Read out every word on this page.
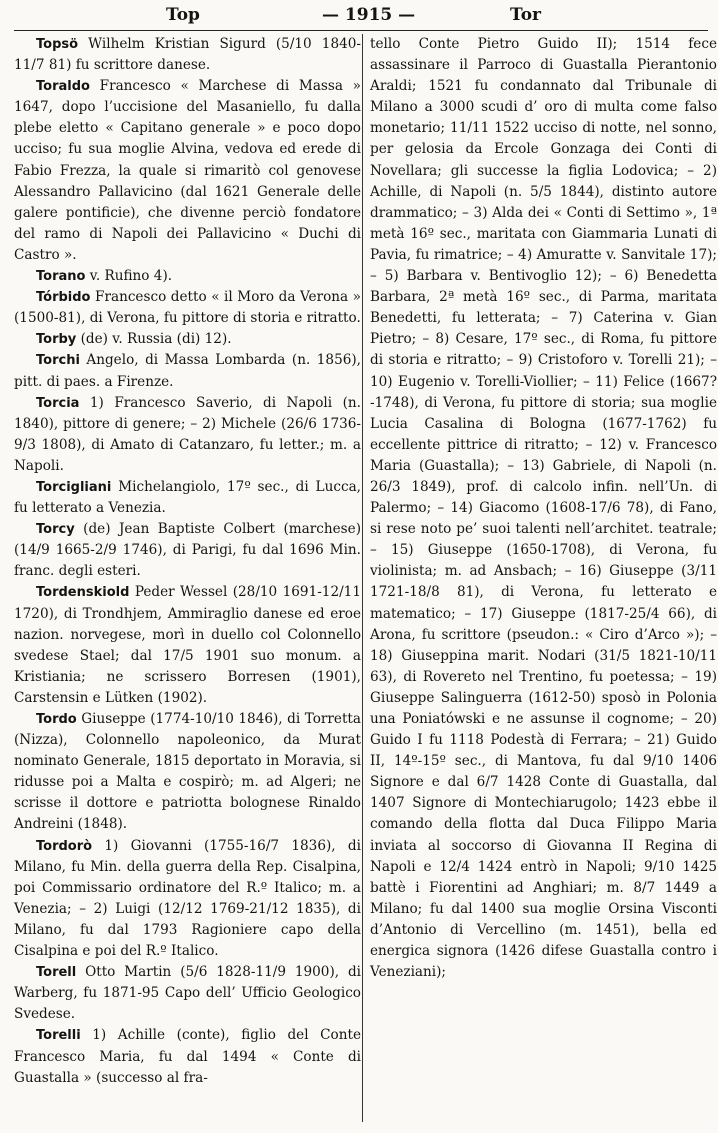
Top	— 1915 —	Tor
Topsö Wilhelm Kristian Sigurd (5/10 1840-11/7 81) fu scrittore danese.
Toraldo Francesco « Marchese di Massa » 1647, dopo l’uccisione del Masaniello, fu dalla plebe eletto « Capitano generale » e poco dopo ucciso; fu sua moglie Alvina, vedova ed erede di Fabio Frezza, la quale si rimaritò col genovese Alessandro Pallavicino (dal 1621 Generale delle galere pontificie), che divenne perciò fondatore del ramo di Napoli dei Pallavicino « Duchi di Castro ».
Torano v. Rufino 4).
Tórbido Francesco detto « il Moro da Verona » (1500-81), di Verona, fu pittore di storia e ritratto.
Torby (de) v. Russia (di) 12).
Torchi Angelo, di Massa Lombarda (n. 1856), pitt. di paes. a Firenze.
Torcia 1) Francesco Saverio, di Napoli (n. 1840), pittore di genere; – 2) Michele (26/6 1736-9/3 1808), di Amato di Catanzaro, fu letter.; m. a Napoli.
Torcigliani Michelangiolo, 17º sec., di Lucca, fu letterato a Venezia.
Torcy (de) Jean Baptiste Colbert (marchese) (14/9 1665-2/9 1746), di Parigi, fu dal 1696 Min. franc. degli esteri.
Tordenskiold Peder Wessel (28/10 1691-12/11 1720), di Trondhjem, Ammiraglio danese ed eroe nazion. norvegese, morì in duello col Colonnello svedese Stael; dal 17/5 1901 suo monum. a Kristiania; ne scrissero Borresen (1901), Carstensin e Lütken (1902).
Tordo Giuseppe (1774-10/10 1846), di Torretta (Nizza), Colonnello napoleonico, da Murat nominato Generale, 1815 deportato in Moravia, si ridusse poi a Malta e cospirò; m. ad Algeri; ne scrisse il dottore e patriotta bolognese Rinaldo Andreini (1848).
Tordorò 1) Giovanni (1755-16/7 1836), di Milano, fu Min. della guerra della Rep. Cisalpina, poi Commissario ordinatore del R.º Italico; m. a Venezia; – 2) Luigi (12/12 1769-21/12 1835), di Milano, fu dal 1793 Ragioniere capo della Cisalpina e poi del R.º Italico.
Torell Otto Martin (5/6 1828-11/9 1900), di Warberg, fu 1871-95 Capo dell’ Ufficio Geologico Svedese.
Torelli 1) Achille (conte), figlio del Conte Francesco Maria, fu dal 1494 « Conte di Guastalla » (successo al fra-

tello Conte Pietro Guido II); 1514 fece assassinare il Parroco di Guastalla Pierantonio Araldi; 1521 fu condannato dal Tribunale di Milano a 3000 scudi d’ oro di multa come falso monetario; 11/11 1522 ucciso di notte, nel sonno, per gelosia da Ercole Gonzaga dei Conti di Novellara; gli successe la figlia Lodovica; – 2) Achille, di Napoli (n. 5/5 1844), distinto autore drammatico; – 3) Alda dei « Conti di Settimo », 1ª metà 16º sec., maritata con Giammaria Lunati di Pavia, fu rimatrice; – 4) Amuratte v. Sanvitale 17); – 5) Barbara v. Bentivoglio 12); – 6) Benedetta Barbara, 2ª metà 16º sec., di Parma, maritata Benedetti, fu letterata; – 7) Caterina v. Gian Pietro; – 8) Cesare, 17º sec., di Roma, fu pittore di storia e ritratto; – 9) Cristoforo v. Torelli 21); – 10) Eugenio v. Torelli-Viollier; – 11) Felice (1667?-1748), di Verona, fu pittore di storia; sua moglie Lucia Casalina di Bologna (1677-1762) fu eccellente pittrice di ritratto; – 12) v. Francesco Maria (Guastalla); – 13) Gabriele, di Napoli (n. 26/3 1849), prof. di calcolo infin. nell’Un. di Palermo; – 14) Giacomo (1608-17/6 78), di Fano, si rese noto pe’ suoi talenti nell’architet. teatrale; – 15) Giuseppe (1650-1708), di Verona, fu violinista; m. ad Ansbach; – 16) Giuseppe (3/11 1721-18/8 81), di Verona, fu letterato e matematico; – 17) Giuseppe (1817-25/4 66), di Arona, fu scrittore (pseudon.: « Ciro d’Arco »); – 18) Giuseppina marit. Nodari (31/5 1821-10/11 63), di Rovereto nel Trentino, fu poetessa; – 19) Giuseppe Salinguerra (1612-50) sposò in Polonia una Poniatówski e ne assunse il cognome; – 20) Guido I fu 1118 Podestà di Ferrara; – 21) Guido II, 14º-15º sec., di Mantova, fu dal 9/10 1406 Signore e dal 6/7 1428 Conte di Guastalla, dal 1407 Signore di Montechiarugolo; 1423 ebbe il comando della flotta dal Duca Filippo Maria inviata al soccorso di Giovanna II Regina di Napoli e 12/4 1424 entrò in Napoli; 9/10 1425 battè i Fiorentini ad Anghiari; m. 8/7 1449 a Milano; fu dal 1400 sua moglie Orsina Visconti d’Antonio di Vercellino (m. 1451), bella ed energica signora (1426 difese Guastalla contro i Veneziani);
